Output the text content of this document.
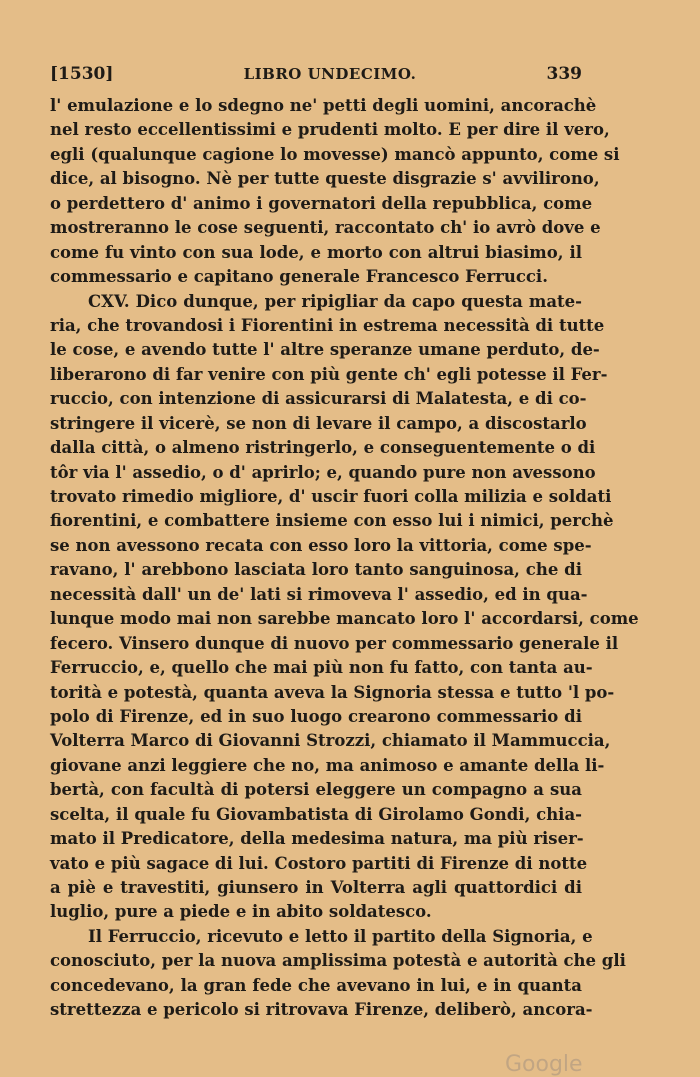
[1530]	LIBRO UNDECIMO.	339
l' emulazione e lo sdegno ne' petti degli uomini, ancorachè
nel resto eccellentissimi e prudenti molto. E per dire il vero,
egli (qualunque cagione lo movesse) mancò appunto, come si
dice, al bisogno. Nè per tutte queste disgrazie s' avvilirono,
o perdettero d' animo i governatori della repubblica, come
mostreranno le cose seguenti, raccontato ch' io avrò dove e
come fu vinto con sua lode, e morto con altrui biasimo, il
commessario e capitano generale Francesco Ferrucci.
CXV. Dico dunque, per ripigliar da capo questa mate-
ria, che trovandosi i Fiorentini in estrema necessità di tutte
le cose, e avendo tutte l' altre speranze umane perduto, de-
liberarono di far venire con più gente ch' egli potesse il Fer-
ruccio, con intenzione di assicurarsi di Malatesta, e di co-
stringere il vicerè, se non di levare il campo, a discostarlo
dalla città, o almeno ristringerlo, e conseguentemente o di
tôr via l' assedio, o d' aprirlo; e, quando pure non avessono
trovato rimedio migliore, d' uscir fuori colla milizia e soldati
fiorentini, e combattere insieme con esso lui i nimici, perchè
se non avessono recata con esso loro la vittoria, come spe-
ravano, l' arebbono lasciata loro tanto sanguinosa, che di
necessità dall' un de' lati si rimoveva l' assedio, ed in qua-
lunque modo mai non sarebbe mancato loro l' accordarsi, come
fecero. Vinsero dunque di nuovo per commessario generale il
Ferruccio, e, quello che mai più non fu fatto, con tanta au-
torità e potestà, quanta aveva la Signoria stessa e tutto 'l po-
polo di Firenze, ed in suo luogo crearono commessario di
Volterra Marco di Giovanni Strozzi, chiamato il Mammuccia,
giovane anzi leggiere che no, ma animoso e amante della li-
bertà, con facultà di potersi eleggere un compagno a sua
scelta, il quale fu Giovambatista di Girolamo Gondi, chia-
mato il Predicatore, della medesima natura, ma più riser-
vato e più sagace di lui. Costoro partiti di Firenze di notte
a piè e travestiti, giunsero in Volterra agli quattordici di
luglio, pure a piede e in abito soldatesco.
Il Ferruccio, ricevuto e letto il partito della Signoria, e
conosciuto, per la nuova amplissima potestà e autorità che gli
concedevano, la gran fede che avevano in lui, e in quanta
strettezza e pericolo si ritrovava Firenze, deliberò, ancora-
Google
